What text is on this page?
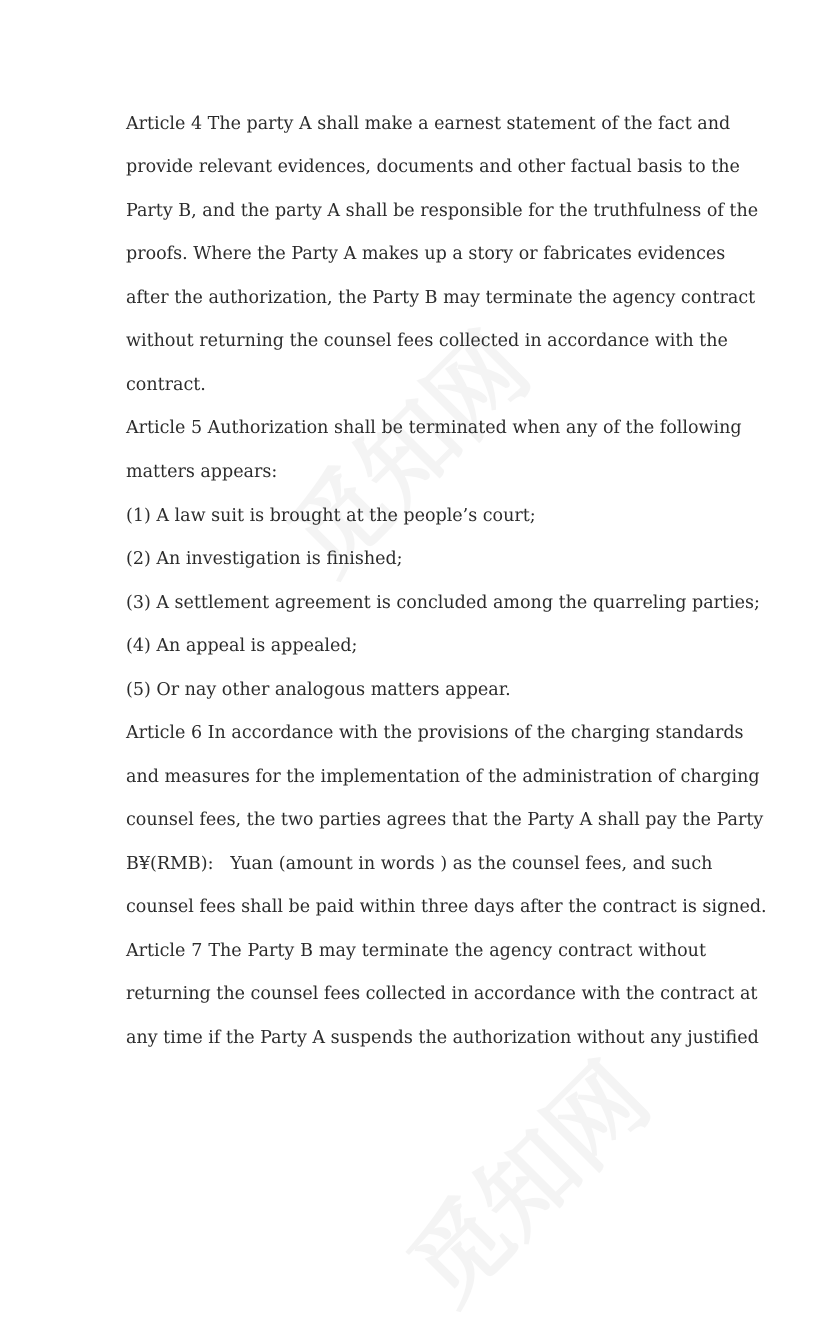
Article 4 The party A shall make a earnest statement of the fact and
provide relevant evidences, documents and other factual basis to the
Party B, and the party A shall be responsible for the truthfulness of the
proofs. Where the Party A makes up a story or fabricates evidences
after the authorization, the Party B may terminate the agency contract
without returning the counsel fees collected in accordance with the
contract.
Article 5 Authorization shall be terminated when any of the following
matters appears:
(1) A law suit is brought at the people’s court;
(2) An investigation is finished;
(3) A settlement agreement is concluded among the quarreling parties;
(4) An appeal is appealed;
(5) Or nay other analogous matters appear.
Article 6 In accordance with the provisions of the charging standards
and measures for the implementation of the administration of charging
counsel fees, the two parties agrees that the Party A shall pay the Party
B¥(RMB):   Yuan (amount in words ) as the counsel fees, and such
counsel fees shall be paid within three days after the contract is signed.
Article 7 The Party B may terminate the agency contract without
returning the counsel fees collected in accordance with the contract at
any time if the Party A suspends the authorization without any justified
